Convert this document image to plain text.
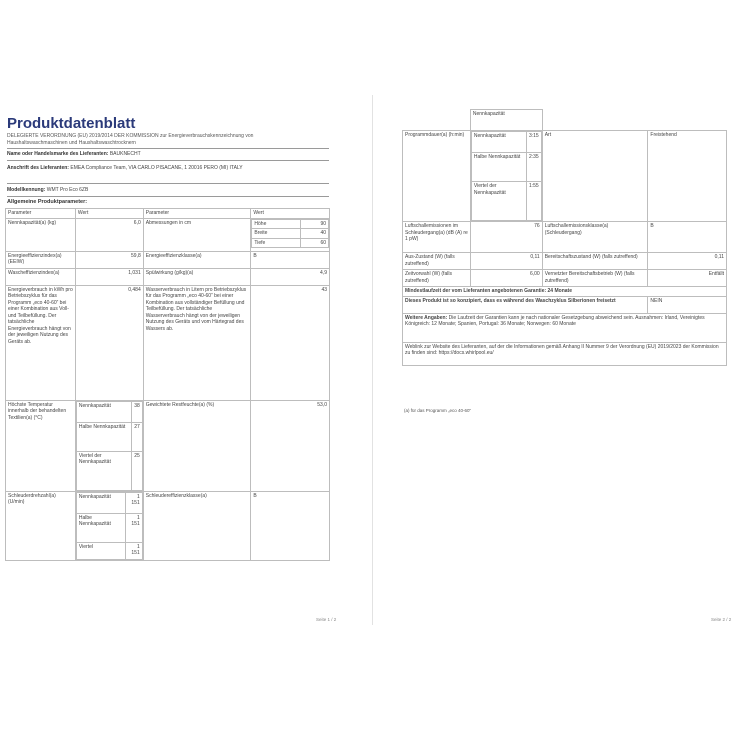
Produktdatenblatt
DELEGIERTE VERORDNUNG (EU) 2019/2014 DER KOMMISSION zur Energieverbrauchskennzeichnung von Haushaltswaschmaschinen und Haushaltswaschtrocknern
Name oder Handelsmarke des Lieferanten: BAUKNECHT
Anschrift des Lieferanten: EMEA Compliance Team, VIA CARLO PISACANE, 1 20016 PERO (MI) ITALY
Modellkennung: WMT Pro Eco 6ZB
Allgemeine Produktparameter:
Parameter	Wert	Parameter	Wert
Nennkapazität(a) (kg)	6,0	Abmessungen in cm		Höhe	90
Breite	40
Tiefe	60

Energieeffizienzindex(a) (EEIW)	59,8	Energieeffizienzklasse(a)	B
Wascheffizienzindex(a)	1,031	Spülwirkung (g/kg)(a)	4,9
Energieverbrauch in kWh pro Betriebszyklus für das Programm „eco 40-60“ bei einer Kombination aus Voll- und Teilbefüllung. Der tatsächliche Energieverbrauch hängt von der jeweiligen Nutzung des Geräts ab.	0,484	Wasserverbrauch in Litern pro Betriebszyklus für das Programm „eco 40-60“ bei einer Kombination aus vollständiger Befüllung und Teilbefüllung. Der tatsächliche Wasserverbrauch hängt von der jeweiligen Nutzung des Geräts und vom Härtegrad des Wassers ab.	43
Höchste Temperatur innerhalb der behandelten Textilien(a) (°C)	
Nennkapazität	38
Halbe Nennkapazität	27
Viertel der Nennkapazität	25
	Gewichtete Restfeuchte(a) (%)	53,0
Schleuderdrehzahl(a) (U/min)	
Nennkapazität	1 151
Halbe Nennkapazität	1 151
Viertel	1 151
	Schleudereffizienzklasse(a)	B
Seite 1 / 2
	Nennkapazität	
Programmdauer(a) (h:min)	Nennkapazität	3:15
Halbe Nennkapazität	2:35
Viertel der Nennkapazität	1:55
	Art	Freistehend
Luftschallemissionen im Schleudergang(a) (dB (A) re 1 pW)	76	Luftschallemissionsklasse(a) (Schleudergang)	B
Aus-Zustand (W) (falls zutreffend)	0,11	Bereitschaftszustand (W) (falls zutreffend)	0,11
Zeitvorwahl (W) (falls zutreffend)	6,00	Vernetzter Bereitschaftsbetrieb (W) (falls zutreffend)	Entfällt
Mindestlaufzeit der vom Lieferanten angebotenen Garantie: 24 Monate
Dieses Produkt ist so konzipiert, dass es während des Waschzyklus Silberionen freisetzt	NEIN
Weitere Angaben: Die Laufzeit der Garantien kann je nach nationaler Gesetzgebung abweichend sein. Ausnahmen: Irland, Vereinigtes Königreich: 12 Monate; Spanien, Portugal: 36 Monate; Norwegen: 60 Monate
Weblink zur Website des Lieferanten, auf der die Informationen gemäß Anhang II Nummer 9 der Verordnung (EU) 2019/2023 der Kommission zu finden sind: https://docs.whirlpool.eu/
(a) für das Programm „eco 40-60“
Seite 2 / 2
